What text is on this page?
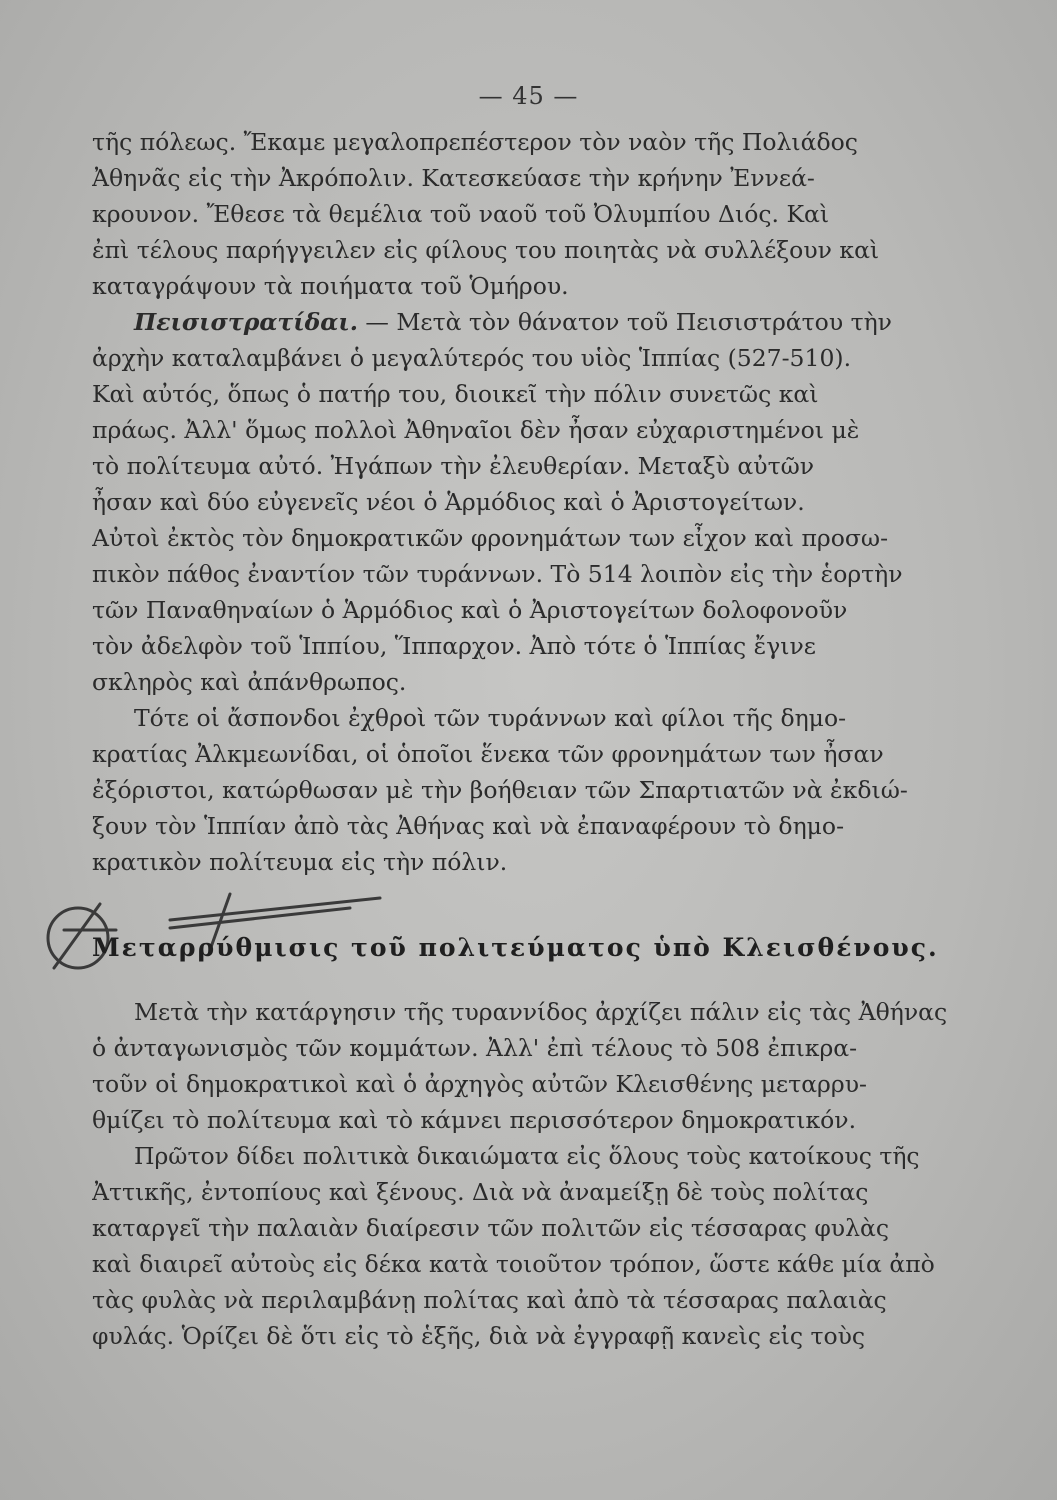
— 45 —
τῆς πόλεως. Ἔκαμε μεγαλοπρεπέστερον τὸν ναὸν τῆς Πολιάδος
Ἀθηνᾶς εἰς τὴν Ἀκρόπολιν. Κατεσκεύασε τὴν κρήνην Ἐννεά-
κρουνον. Ἔθεσε τὰ θεμέλια τοῦ ναοῦ τοῦ Ὀλυμπίου Διός. Καὶ
ἐπὶ τέλους παρήγγειλεν εἰς φίλους του ποιητὰς νὰ συλλέξουν καὶ
καταγράψουν τὰ ποιήματα τοῦ Ὁμήρου.
Πεισιστρατίδαι. — Μετὰ τὸν θάνατον τοῦ Πεισιστράτου τὴν
ἀρχὴν καταλαμβάνει ὁ μεγαλύτερός του υἱὸς Ἱππίας (527-510).
Καὶ αὐτός, ὅπως ὁ πατήρ του, διοικεῖ τὴν πόλιν συνετῶς καὶ
πράως. Ἀλλ' ὅμως πολλοὶ Ἀθηναῖοι δὲν ἦσαν εὐχαριστημένοι μὲ
τὸ πολίτευμα αὐτό. Ἠγάπων τὴν ἐλευθερίαν. Μεταξὺ αὐτῶν
ἦσαν καὶ δύο εὐγενεῖς νέοι ὁ Ἁρμόδιος καὶ ὁ Ἀριστογείτων.
Αὐτοὶ ἐκτὸς τὸν δημοκρατικῶν φρονημάτων των εἶχον καὶ προσω-
πικὸν πάθος ἐναντίον τῶν τυράννων. Τὸ 514 λοιπὸν εἰς τὴν ἑορτὴν
τῶν Παναθηναίων ὁ Ἁρμόδιος καὶ ὁ Ἀριστογείτων δολοφονοῦν
τὸν ἀδελφὸν τοῦ Ἱππίου, Ἵππαρχον. Ἀπὸ τότε ὁ Ἱππίας ἔγινε
σκληρὸς καὶ ἀπάνθρωπος.
Τότε οἱ ἄσπονδοι ἐχθροὶ τῶν τυράννων καὶ φίλοι τῆς δημο-
κρατίας Ἀλκμεωνίδαι, οἱ ὁποῖοι ἕνεκα τῶν φρονημάτων των ἦσαν
ἐξόριστοι, κατώρθωσαν μὲ τὴν βοήθειαν τῶν Σπαρτιατῶν νὰ ἐκδιώ-
ξουν τὸν Ἱππίαν ἀπὸ τὰς Ἀθήνας καὶ νὰ ἐπαναφέρουν τὸ δημο-
κρατικὸν πολίτευμα εἰς τὴν πόλιν.
Μεταρρύθμισις τοῦ πολιτεύματος ὑπὸ Κλεισθένους.
Μετὰ τὴν κατάργησιν τῆς τυραννίδος ἀρχίζει πάλιν εἰς τὰς Ἀθήνας
ὁ ἀνταγωνισμὸς τῶν κομμάτων. Ἀλλ' ἐπὶ τέλους τὸ 508 ἐπικρα-
τοῦν οἱ δημοκρατικοὶ καὶ ὁ ἀρχηγὸς αὐτῶν Κλεισθένης μεταρρυ-
θμίζει τὸ πολίτευμα καὶ τὸ κάμνει περισσότερον δημοκρατικόν.
Πρῶτον δίδει πολιτικὰ δικαιώματα εἰς ὅλους τοὺς κατοίκους τῆς
Ἀττικῆς, ἐντοπίους καὶ ξένους. Διὰ νὰ ἀναμείξῃ δὲ τοὺς πολίτας
καταργεῖ τὴν παλαιὰν διαίρεσιν τῶν πολιτῶν εἰς τέσσαρας φυλὰς
καὶ διαιρεῖ αὐτοὺς εἰς δέκα κατὰ τοιοῦτον τρόπον, ὥστε κάθε μία ἀπὸ
τὰς φυλὰς νὰ περιλαμβάνῃ πολίτας καὶ ἀπὸ τὰ τέσσαρας παλαιὰς
φυλάς. Ὁρίζει δὲ ὅτι εἰς τὸ ἑξῆς, διὰ νὰ ἐγγραφῇ κανεὶς εἰς τοὺς
